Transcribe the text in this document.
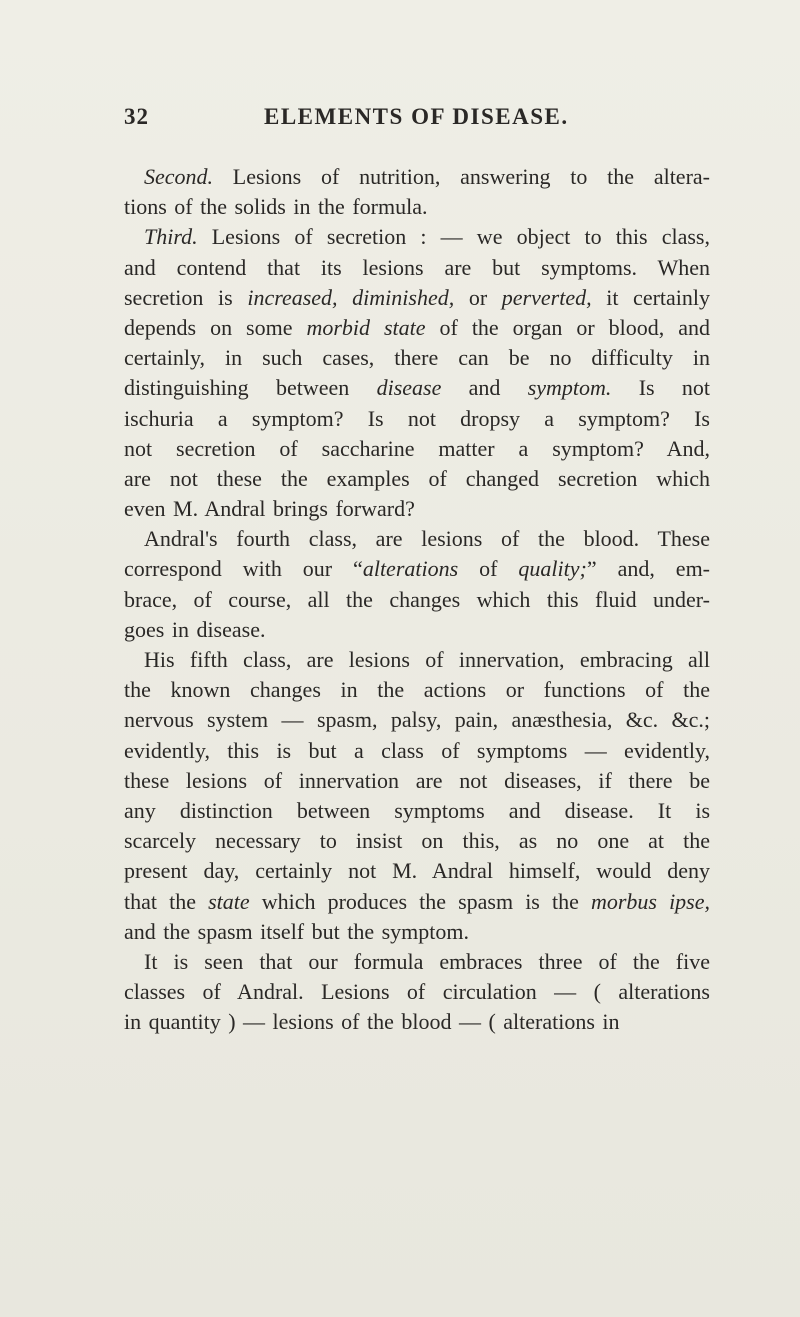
32	ELEMENTS OF DISEASE.
Second. Lesions of nutrition, answering to the altera-
tions of the solids in the formula.
Third. Lesions of secretion : — we object to this class,
and contend that its lesions are but symptoms. When
secretion is increased, diminished, or perverted, it certainly
depends on some morbid state of the organ or blood, and
certainly, in such cases, there can be no difficulty in
distinguishing between disease and symptom. Is not
ischuria a symptom? Is not dropsy a symptom? Is
not secretion of saccharine matter a symptom? And,
are not these the examples of changed secretion which
even M. Andral brings forward?
Andral's fourth class, are lesions of the blood. These
correspond with our “alterations of quality;” and, em-
brace, of course, all the changes which this fluid under-
goes in disease.
His fifth class, are lesions of innervation, embracing all
the known changes in the actions or functions of the
nervous system — spasm, palsy, pain, anæsthesia, &c. &c.;
evidently, this is but a class of symptoms — evidently,
these lesions of innervation are not diseases, if there be
any distinction between symptoms and disease. It is
scarcely necessary to insist on this, as no one at the
present day, certainly not M. Andral himself, would deny
that the state which produces the spasm is the morbus ipse,
and the spasm itself but the symptom.
It is seen that our formula embraces three of the five
classes of Andral. Lesions of circulation — ( alterations
in quantity ) — lesions of the blood — ( alterations in
